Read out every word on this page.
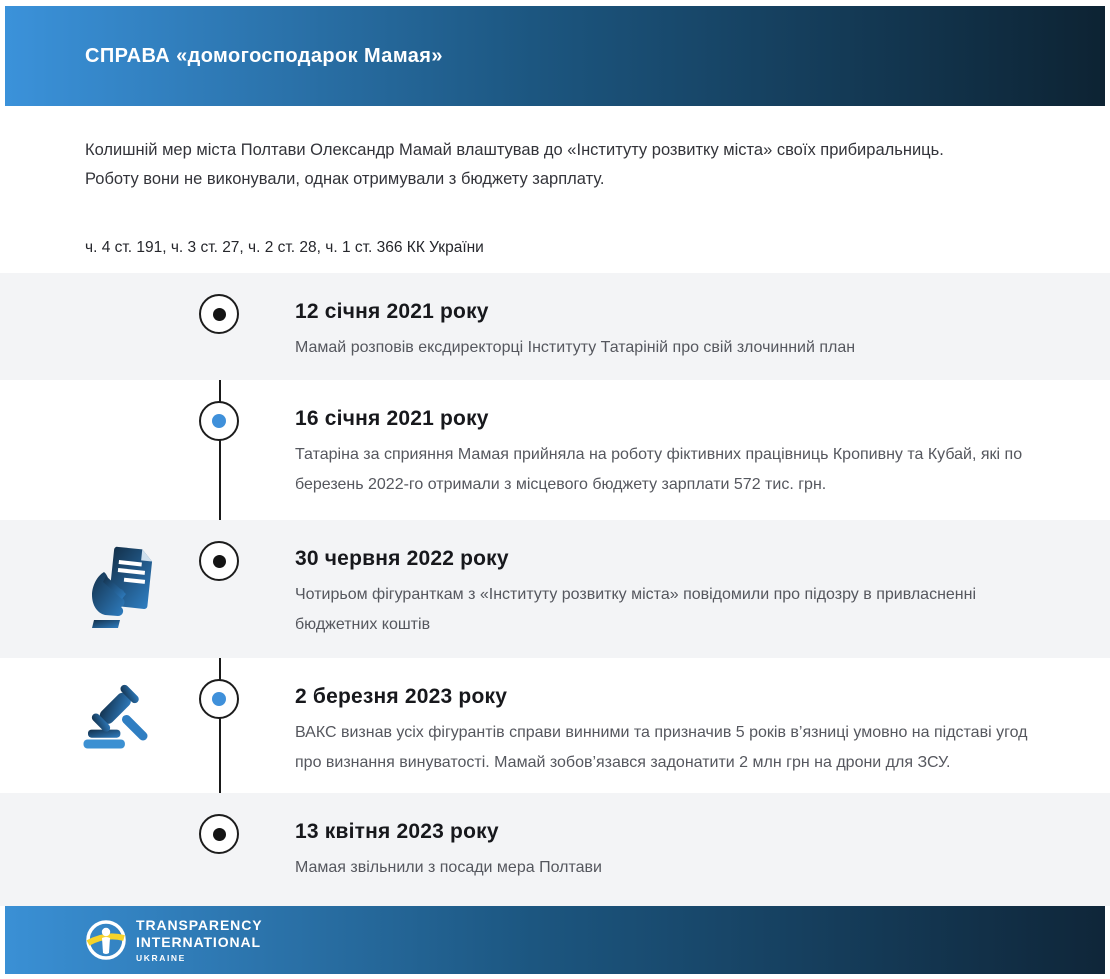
СПРАВА «домогосподарок Мамая»

Колишній мер міста Полтави Олександр Мамай влаштував до «Інституту розвитку міста» своїх прибиральниць. Роботу вони не виконували, однак отримували з бюджету зарплату.

ч. 4 ст. 191, ч. 3 ст. 27, ч. 2 ст. 28, ч. 1 ст. 366 КК України

12 січня 2021 року

Мамай розповів ексдиректорці Інституту Татаріній про свій злочинний план

16 січня 2021 року

Татаріна за сприяння Мамая прийняла на роботу фіктивних працівниць Кропивну та Кубай, які по березень 2022-го отримали з місцевого бюджету зарплати 572 тис. грн.

30 червня 2022 року

Чотирьом фігуранткам з «Інституту розвитку міста» повідомили про підозру в привласненні бюджетних коштів

2 березня 2023 року

ВАКС визнав усіх фігурантів справи винними та призначив 5 років в’язниці умовно на підставі угод про визнання винуватості. Мамай зобов’язався задонатити 2 млн грн на дрони для ЗСУ.

13 квітня 2023 року

Мамая звільнили з посади мера Полтави

TRANSPARENCY
INTERNATIONAL
UKRAINE
